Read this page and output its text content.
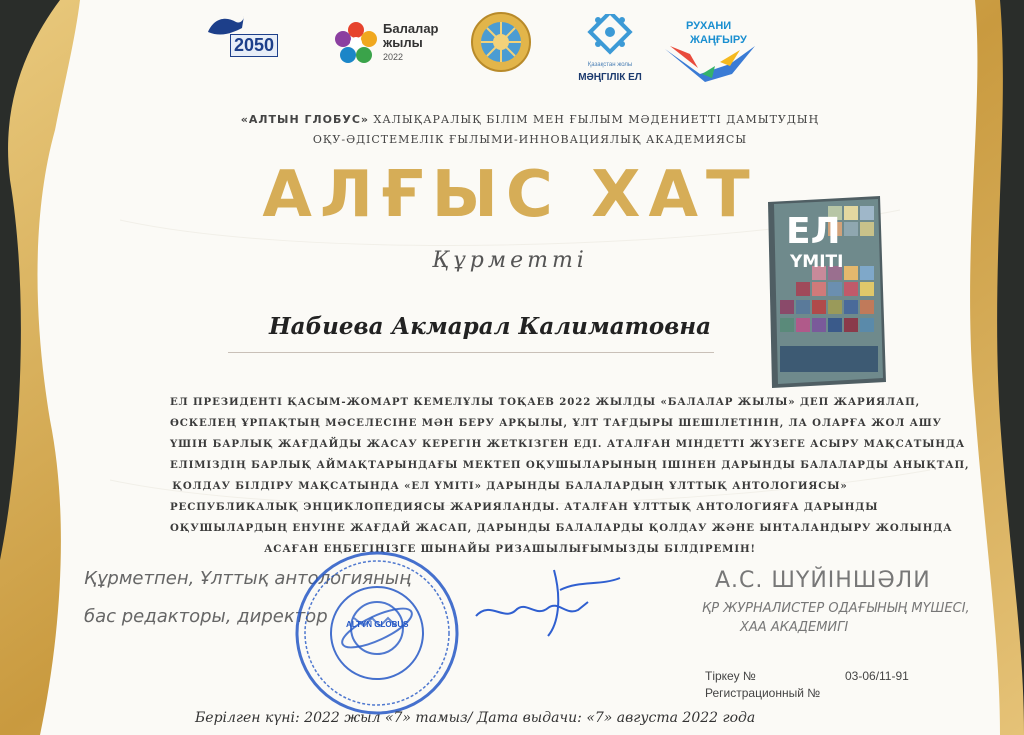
2050
Балалар
жылы
2022
Қазақстан жолы
МӘҢГІЛІК ЕЛ
РУХАНИ
ЖАҢҒЫРУ
«АЛТЫН ГЛОБУС» ХАЛЫҚАРАЛЫҚ БІЛІМ МЕН ҒЫЛЫМ МӘДЕНИЕТТІ ДАМЫТУДЫҢ
ОҚУ-ӘДІСТЕМЕЛІК ҒЫЛЫМИ-ИННОВАЦИЯЛЫҚ АКАДЕМИЯСЫ
АЛҒЫС ХАТ
Құрметті
Набиева Акмарал Калиматовна
ЕЛ
ҮМІТІ
ЕЛ ПРЕЗИДЕНТІ ҚАСЫМ-ЖОМАРТ КЕМЕЛҰЛЫ ТОҚАЕВ 2022 ЖЫЛДЫ «БАЛАЛАР ЖЫЛЫ» ДЕП ЖАРИЯЛАП,
ӨСКЕЛЕҢ ҰРПАҚТЫҢ МӘСЕЛЕСІНЕ МӘН БЕРУ АРҚЫЛЫ, ҰЛТ ТАҒДЫРЫ ШЕШІЛЕТІНІН, ЛА ОЛАРҒА ЖОЛ АШУ
ҮШІН БАРЛЫҚ ЖАҒДАЙДЫ ЖАСАУ КЕРЕГІН ЖЕТКІЗГЕН ЕДІ. АТАЛҒАН МІНДЕТТІ ЖҮЗЕГЕ АСЫРУ МАҚСАТЫНДА
ЕЛІМІЗДІҢ БАРЛЫҚ АЙМАҚТАРЫНДАҒЫ МЕКТЕП ОҚУШЫЛАРЫНЫҢ ІШІНЕН ДАРЫНДЫ БАЛАЛАРДЫ АНЫҚТАП,
ҚОЛДАУ БІЛДІРУ МАҚСАТЫНДА «ЕЛ ҮМІТІ» ДАРЫНДЫ БАЛАЛАРДЫҢ ҰЛТТЫҚ АНТОЛОГИЯСЫ»
РЕСПУБЛИКАЛЫҚ ЭНЦИКЛОПЕДИЯСЫ ЖАРИЯЛАНДЫ. АТАЛҒАН ҰЛТТЫҚ АНТОЛОГИЯҒА ДАРЫНДЫ
ОҚУШЫЛАРДЫҢ ЕНУІНЕ ЖАҒДАЙ ЖАСАП, ДАРЫНДЫ БАЛАЛАРДЫ ҚОЛДАУ ЖӘНЕ ЫНТАЛАНДЫРУ ЖОЛЫНДА
АСАҒАН ЕҢБЕГІҢІЗГЕ ШЫНАЙЫ РИЗАШЫЛЫҒЫМЫЗДЫ БІЛДІРЕМІН!
Құрметпен, Ұлттық антологияның
бас редакторы, директор
А.С. ШҮЙІНШӘЛИ
ҚР ЖУРНАЛИСТЕР ОДАҒЫНЫҢ МҮШЕСІ,
ХАА АКАДЕМИГІ
ALTYN GLOBUS
Тіркеу №
Регистрационный №
03-06/11-91
Берілген күні: 2022 жыл «7» тамыз/ Дата выдачи: «7» августа 2022 года
